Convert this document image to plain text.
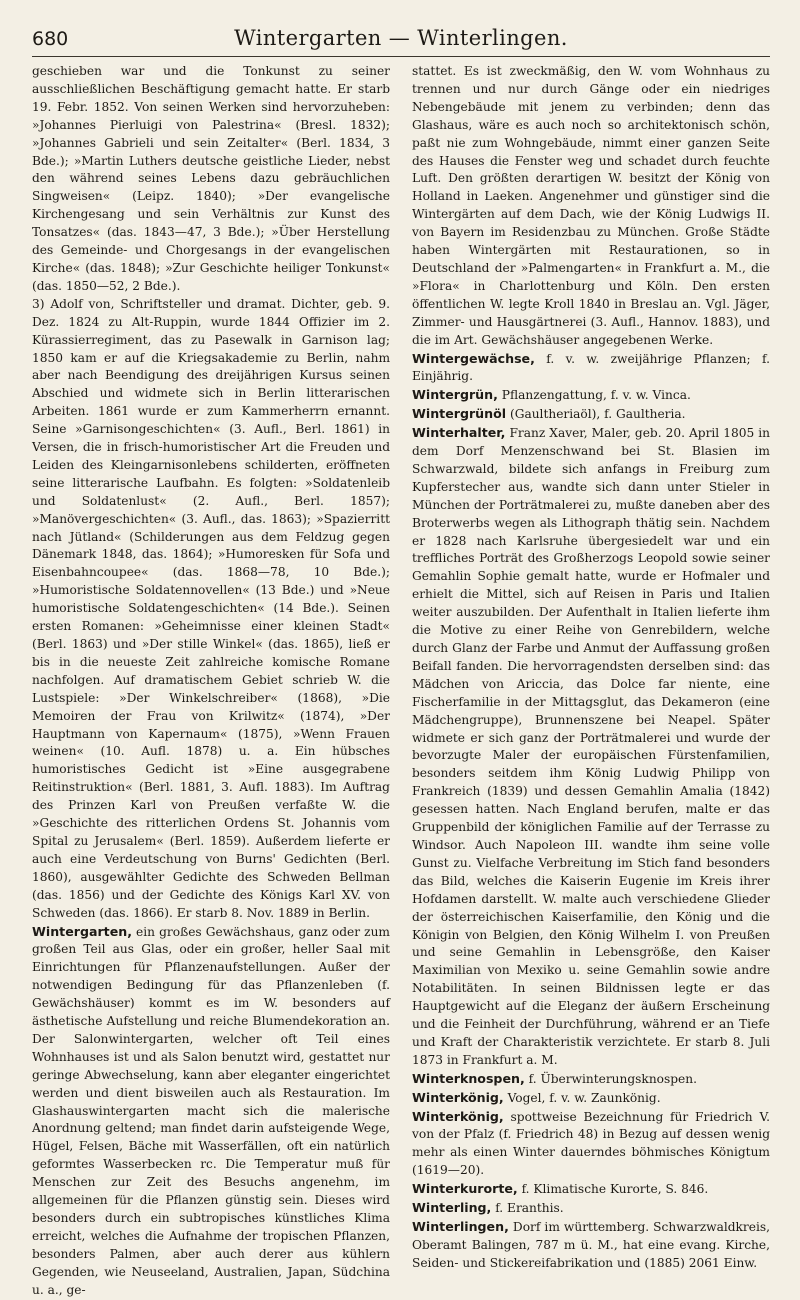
680	Wintergarten — Winterlingen.

geschieben war und die Tonkunst zu seiner ausschließlichen Beschäftigung gemacht hatte. Er starb 19. Febr. 1852. Von seinen Werken sind hervorzuheben: »Johannes Pierluigi von Palestrina« (Bresl. 1832); »Johannes Gabrieli und sein Zeitalter« (Berl. 1834, 3 Bde.); »Martin Luthers deutsche geistliche Lieder, nebst den während seines Lebens dazu gebräuchlichen Singweisen« (Leipz. 1840); »Der evangelische Kirchengesang und sein Verhältnis zur Kunst des Tonsatzes« (das. 1843—47, 3 Bde.); »Über Herstellung des Gemeinde- und Chorgesangs in der evangelischen Kirche« (das. 1848); »Zur Geschichte heiliger Tonkunst« (das. 1850—52, 2 Bde.).

3) Adolf von, Schriftsteller und dramat. Dichter, geb. 9. Dez. 1824 zu Alt-Ruppin, wurde 1844 Offizier im 2. Kürassierregiment, das zu Pasewalk in Garnison lag; 1850 kam er auf die Kriegsakademie zu Berlin, nahm aber nach Beendigung des dreijährigen Kursus seinen Abschied und widmete sich in Berlin litterarischen Arbeiten. 1861 wurde er zum Kammerherrn ernannt. Seine »Garnisongeschichten« (3. Aufl., Berl. 1861) in Versen, die in frisch-humoristischer Art die Freuden und Leiden des Kleingarnisonlebens schilderten, eröffneten seine litterarische Laufbahn. Es folgten: »Soldatenleib und Soldatenlust« (2. Aufl., Berl. 1857); »Manövergeschichten« (3. Aufl., das. 1863); »Spazierritt nach Jütland« (Schilderungen aus dem Feldzug gegen Dänemark 1848, das. 1864); »Humoresken für Sofa und Eisenbahncoupee« (das. 1868—78, 10 Bde.); »Humoristische Soldatennovellen« (13 Bde.) und »Neue humoristische Soldatengeschichten« (14 Bde.). Seinen ersten Romanen: »Geheimnisse einer kleinen Stadt« (Berl. 1863) und »Der stille Winkel« (das. 1865), ließ er bis in die neueste Zeit zahlreiche komische Romane nachfolgen. Auf dramatischem Gebiet schrieb W. die Lustspiele: »Der Winkelschreiber« (1868), »Die Memoiren der Frau von Krilwitz« (1874), »Der Hauptmann von Kapernaum« (1875), »Wenn Frauen weinen« (10. Aufl. 1878) u. a. Ein hübsches humoristisches Gedicht ist »Eine ausgegrabene Reitinstruktion« (Berl. 1881, 3. Aufl. 1883). Im Auftrag des Prinzen Karl von Preußen verfaßte W. die »Geschichte des ritterlichen Ordens St. Johannis vom Spital zu Jerusalem« (Berl. 1859). Außerdem lieferte er auch eine Verdeutschung von Burns' Gedichten (Berl. 1860), ausgewählter Gedichte des Schweden Bellman (das. 1856) und der Gedichte des Königs Karl XV. von Schweden (das. 1866). Er starb 8. Nov. 1889 in Berlin.

Wintergarten, ein großes Gewächshaus, ganz oder zum großen Teil aus Glas, oder ein großer, heller Saal mit Einrichtungen für Pflanzenaufstellungen. Außer der notwendigen Bedingung für das Pflanzenleben (f. Gewächshäuser) kommt es im W. besonders auf ästhetische Aufstellung und reiche Blumendekoration an. Der Salonwintergarten, welcher oft Teil eines Wohnhauses ist und als Salon benutzt wird, gestattet nur geringe Abwechselung, kann aber eleganter eingerichtet werden und dient bisweilen auch als Restauration. Im Glashauswintergarten macht sich die malerische Anordnung geltend; man findet darin aufsteigende Wege, Hügel, Felsen, Bäche mit Wasserfällen, oft ein natürlich geformtes Wasserbecken rc. Die Temperatur muß für Menschen zur Zeit des Besuchs angenehm, im allgemeinen für die Pflanzen günstig sein. Dieses wird besonders durch ein subtropisches künstliches Klima erreicht, welches die Aufnahme der tropischen Pflanzen, besonders Palmen, aber auch derer aus kühlern Gegenden, wie Neuseeland, Australien, Japan, Südchina u. a., ge-

stattet. Es ist zweckmäßig, den W. vom Wohnhaus zu trennen und nur durch Gänge oder ein niedriges Nebengebäude mit jenem zu verbinden; denn das Glashaus, wäre es auch noch so architektonisch schön, paßt nie zum Wohngebäude, nimmt einer ganzen Seite des Hauses die Fenster weg und schadet durch feuchte Luft. Den größten derartigen W. besitzt der König von Holland in Laeken. Angenehmer und günstiger sind die Wintergärten auf dem Dach, wie der König Ludwigs II. von Bayern im Residenzbau zu München. Große Städte haben Wintergärten mit Restaurationen, so in Deutschland der »Palmengarten« in Frankfurt a. M., die »Flora« in Charlottenburg und Köln. Den ersten öffentlichen W. legte Kroll 1840 in Breslau an. Vgl. Jäger, Zimmer- und Hausgärtnerei (3. Aufl., Hannov. 1883), und die im Art. Gewächshäuser angegebenen Werke.

Wintergewächse, f. v. w. zweijährige Pflanzen; f. Einjährig.

Wintergrün, Pflanzengattung, f. v. w. Vinca.

Wintergrünöl (Gaultheriaöl), f. Gaultheria.

Winterhalter, Franz Xaver, Maler, geb. 20. April 1805 in dem Dorf Menzenschwand bei St. Blasien im Schwarzwald, bildete sich anfangs in Freiburg zum Kupferstecher aus, wandte sich dann unter Stieler in München der Porträtmalerei zu, mußte daneben aber des Broterwerbs wegen als Lithograph thätig sein. Nachdem er 1828 nach Karlsruhe übergesiedelt war und ein treffliches Porträt des Großherzogs Leopold sowie seiner Gemahlin Sophie gemalt hatte, wurde er Hofmaler und erhielt die Mittel, sich auf Reisen in Paris und Italien weiter auszubilden. Der Aufenthalt in Italien lieferte ihm die Motive zu einer Reihe von Genrebildern, welche durch Glanz der Farbe und Anmut der Auffassung großen Beifall fanden. Die hervorragendsten derselben sind: das Mädchen von Ariccia, das Dolce far niente, eine Fischerfamilie in der Mittagsglut, das Dekameron (eine Mädchengruppe), Brunnenszene bei Neapel. Später widmete er sich ganz der Porträtmalerei und wurde der bevorzugte Maler der europäischen Fürstenfamilien, besonders seitdem ihm König Ludwig Philipp von Frankreich (1839) und dessen Gemahlin Amalia (1842) gesessen hatten. Nach England berufen, malte er das Gruppenbild der königlichen Familie auf der Terrasse zu Windsor. Auch Napoleon III. wandte ihm seine volle Gunst zu. Vielfache Verbreitung im Stich fand besonders das Bild, welches die Kaiserin Eugenie im Kreis ihrer Hofdamen darstellt. W. malte auch verschiedene Glieder der österreichischen Kaiserfamilie, den König und die Königin von Belgien, den König Wilhelm I. von Preußen und seine Gemahlin in Lebensgröße, den Kaiser Maximilian von Mexiko u. seine Gemahlin sowie andre Notabilitäten. In seinen Bildnissen legte er das Hauptgewicht auf die Eleganz der äußern Erscheinung und die Feinheit der Durchführung, während er an Tiefe und Kraft der Charakteristik verzichtete. Er starb 8. Juli 1873 in Frankfurt a. M.

Winterknospen, f. Überwinterungsknospen.

Winterkönig, Vogel, f. v. w. Zaunkönig.

Winterkönig, spottweise Bezeichnung für Friedrich V. von der Pfalz (f. Friedrich 48) in Bezug auf dessen wenig mehr als einen Winter dauerndes böhmisches Königtum (1619—20).

Winterkurorte, f. Klimatische Kurorte, S. 846.

Winterling, f. Eranthis.

Winterlingen, Dorf im württemberg. Schwarzwaldkreis, Oberamt Balingen, 787 m ü. M., hat eine evang. Kirche, Seiden- und Stickereifabrikation und (1885) 2061 Einw.
